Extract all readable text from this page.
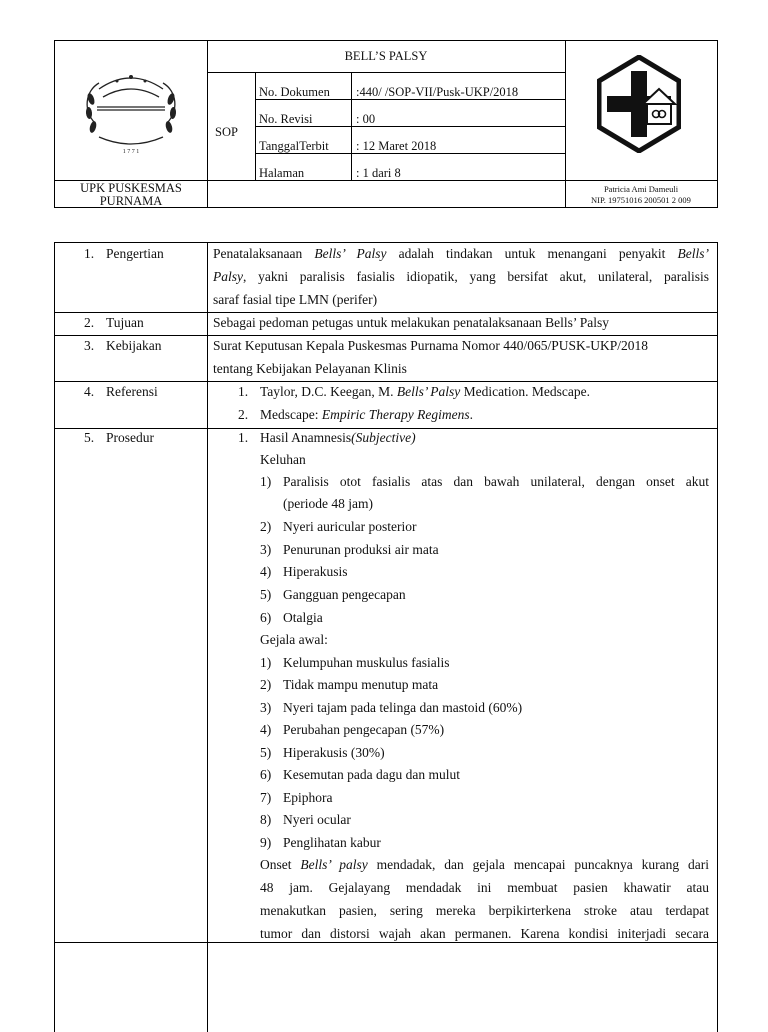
1 7 7 1
BELL’S PALSY
SOP
No. Dokumen :440/ /SOP-VII/Pusk-UKP/2018
No. Revisi	: 00
TanggalTerbit : 12 Maret 2018
Halaman	: 1 dari 8
UPK PUSKESMAS
PURNAMA
Patricia Ami Dameuli
NIP. 19751016 200501 2 009
1. Pengertian	Penatalaksanaan Bells’ Palsy adalah tindakan untuk menangani penyakit Bells’
Palsy, yakni paralisis fasialis idiopatik, yang bersifat akut, unilateral, paralisis
saraf fasial tipe LMN (perifer)
2. Tujuan	Sebagai pedoman petugas untuk melakukan penatalaksanaan Bells’ Palsy
3. Kebijakan	Surat Keputusan Kepala Puskesmas Purnama Nomor 440/065/PUSK-UKP/2018
tentang Kebijakan Pelayanan Klinis
4. Referensi	1. Taylor, D.C. Keegan, M. Bells’ Palsy Medication. Medscape.
2. Medscape: Empiric Therapy Regimens.
5. Prosedur	1. Hasil Anamnesis(Subjective)
Keluhan
1) Paralisis otot fasialis atas dan bawah unilateral, dengan onset akut
(periode 48 jam)
2) Nyeri auricular posterior
3) Penurunan produksi air mata
4) Hiperakusis
5) Gangguan pengecapan
6) Otalgia
Gejala awal:
1) Kelumpuhan muskulus fasialis
2) Tidak mampu menutup mata
3) Nyeri tajam pada telinga dan mastoid (60%)
4) Perubahan pengecapan (57%)
5) Hiperakusis (30%)
6) Kesemutan pada dagu dan mulut
7) Epiphora
8) Nyeri ocular
9) Penglihatan kabur
Onset Bells’ palsy mendadak, dan gejala mencapai puncaknya kurang dari
48 jam. Gejalayang mendadak ini membuat pasien khawatir atau
menakutkan pasien, sering mereka berpikirterkena stroke atau terdapat
tumor dan distorsi wajah akan permanen. Karena kondisi initerjadi secara
